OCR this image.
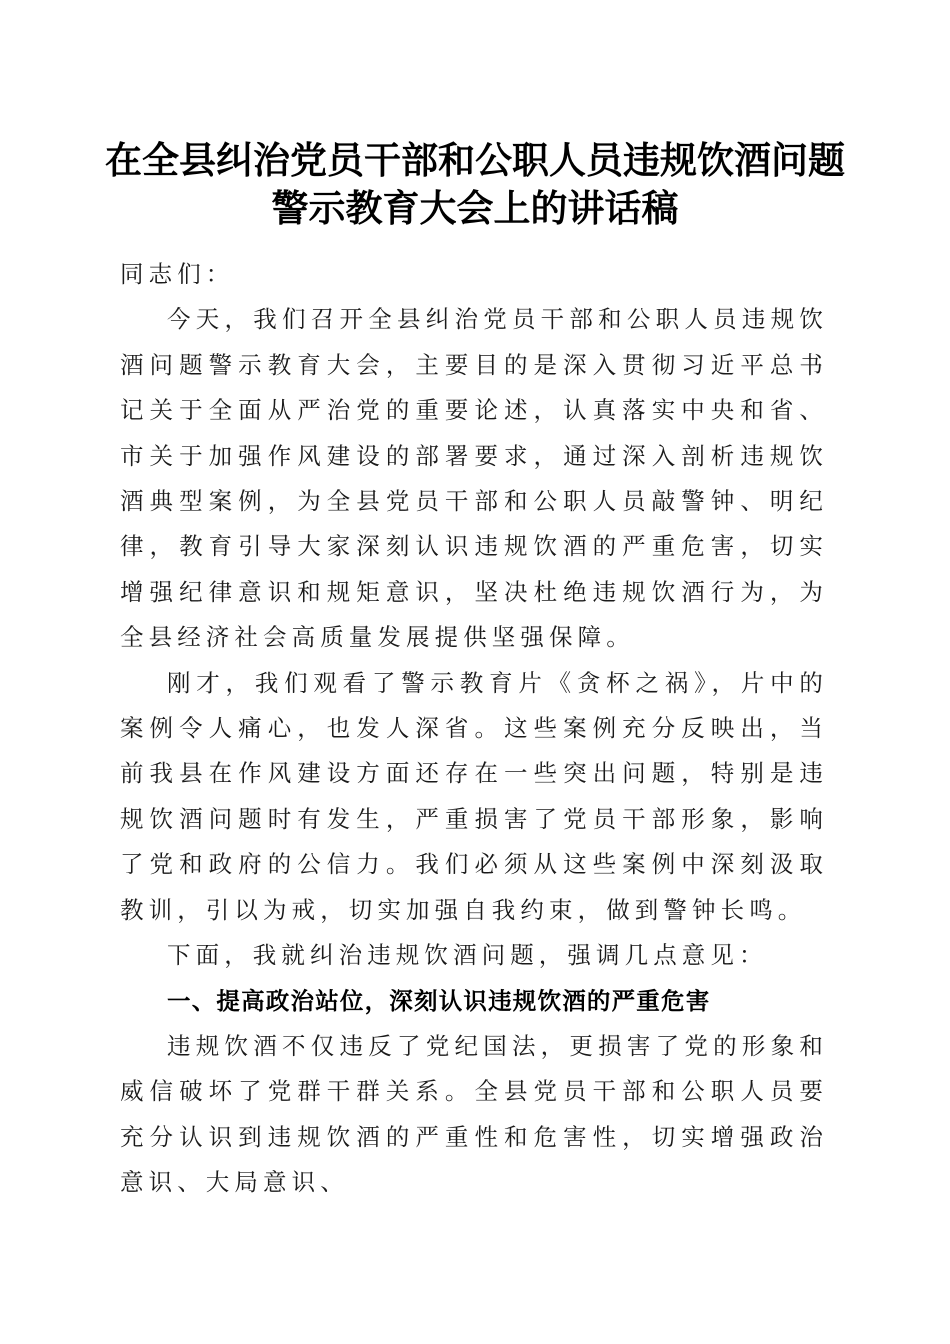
在全县纠治党员干部和公职人员违规饮酒问题
警示教育大会上的讲话稿

同志们：

今天，我们召开全县纠治党员干部和公职人员违规饮酒问题警示教育大会，主要目的是深入贯彻习近平总书记关于全面从严治党的重要论述，认真落实中央和省、市关于加强作风建设的部署要求，通过深入剖析违规饮酒典型案例，为全县党员干部和公职人员敲警钟、明纪律，教育引导大家深刻认识违规饮酒的严重危害，切实增强纪律意识和规矩意识，坚决杜绝违规饮酒行为，为全县经济社会高质量发展提供坚强保障。

刚才，我们观看了警示教育片《贪杯之祸》，片中的案例令人痛心，也发人深省。这些案例充分反映出，当前我县在作风建设方面还存在一些突出问题，特别是违规饮酒问题时有发生，严重损害了党员干部形象，影响了党和政府的公信力。我们必须从这些案例中深刻汲取教训，引以为戒，切实加强自我约束，做到警钟长鸣。

下面，我就纠治违规饮酒问题，强调几点意见：

一、提高政治站位，深刻认识违规饮酒的严重危害

违规饮酒不仅违反了党纪国法，更损害了党的形象和威信破坏了党群干群关系。全县党员干部和公职人员要充分认识到违规饮酒的严重性和危害性，切实增强政治意识、大局意识、
